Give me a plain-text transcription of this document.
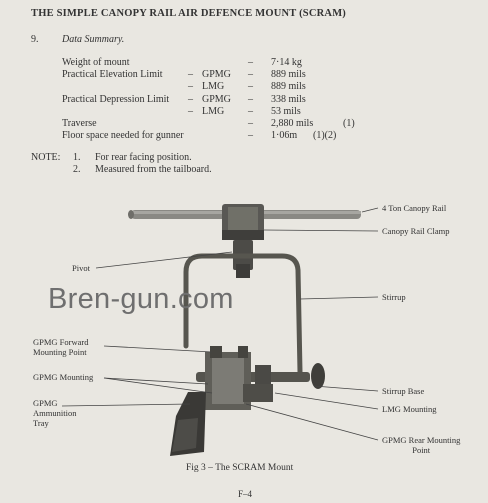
THE SIMPLE CANOPY RAIL AIR DEFENCE MOUNT (SCRAM)
9. Data Summary.
Weight of mount	– 7·14 kg
Practical Elevation Limit	– GPMG – 889 mils
– LMG – 889 mils
Practical Depression Limit – GPMG – 338 mils
– LMG – 53 mils
Traverse	– 2,880 mils	(1)
Floor space needed for gunner	– 1·06m (1)(2)
NOTE: 1. For rear facing position.
2. Measured from the tailboard.
4 Ton Canopy Rail
Canopy Rail Clamp
Pivot
Stirrup
GPMG Forward
Mounting Point
GPMG Mounting
Stirrup Base
GPMG
Ammunition
Tray
LMG Mounting
GPMG Rear Mounting
Point
Bren-gun.com
Fig 3 – The SCRAM Mount
F–4
